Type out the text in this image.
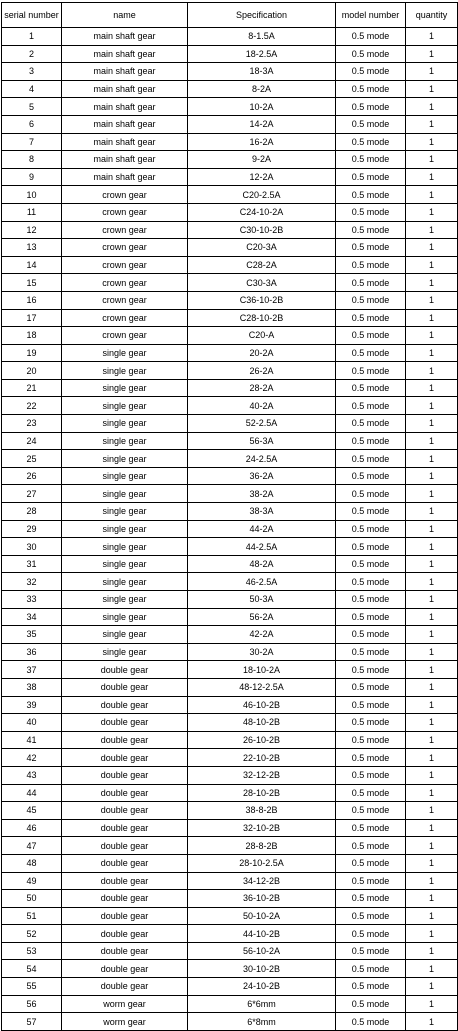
serial number	name	Specification	model number	quantity
1	main shaft gear	8-1.5A	0.5 mode	1
2	main shaft gear	18-2.5A	0.5 mode	1
3	main shaft gear	18-3A	0.5 mode	1
4	main shaft gear	8-2A	0.5 mode	1
5	main shaft gear	10-2A	0.5 mode	1
6	main shaft gear	14-2A	0.5 mode	1
7	main shaft gear	16-2A	0.5 mode	1
8	main shaft gear	9-2A	0.5 mode	1
9	main shaft gear	12-2A	0.5 mode	1
10	crown gear	C20-2.5A	0.5 mode	1
11	crown gear	C24-10-2A	0.5 mode	1
12	crown gear	C30-10-2B	0.5 mode	1
13	crown gear	C20-3A	0.5 mode	1
14	crown gear	C28-2A	0.5 mode	1
15	crown gear	C30-3A	0.5 mode	1
16	crown gear	C36-10-2B	0.5 mode	1
17	crown gear	C28-10-2B	0.5 mode	1
18	crown gear	C20-A	0.5 mode	1
19	single gear	20-2A	0.5 mode	1
20	single gear	26-2A	0.5 mode	1
21	single gear	28-2A	0.5 mode	1
22	single gear	40-2A	0.5 mode	1
23	single gear	52-2.5A	0.5 mode	1
24	single gear	56-3A	0.5 mode	1
25	single gear	24-2.5A	0.5 mode	1
26	single gear	36-2A	0.5 mode	1
27	single gear	38-2A	0.5 mode	1
28	single gear	38-3A	0.5 mode	1
29	single gear	44-2A	0.5 mode	1
30	single gear	44-2.5A	0.5 mode	1
31	single gear	48-2A	0.5 mode	1
32	single gear	46-2.5A	0.5 mode	1
33	single gear	50-3A	0.5 mode	1
34	single gear	56-2A	0.5 mode	1
35	single gear	42-2A	0.5 mode	1
36	single gear	30-2A	0.5 mode	1
37	double gear	18-10-2A	0.5 mode	1
38	double gear	48-12-2.5A	0.5 mode	1
39	double gear	46-10-2B	0.5 mode	1
40	double gear	48-10-2B	0.5 mode	1
41	double gear	26-10-2B	0.5 mode	1
42	double gear	22-10-2B	0.5 mode	1
43	double gear	32-12-2B	0.5 mode	1
44	double gear	28-10-2B	0.5 mode	1
45	double gear	38-8-2B	0.5 mode	1
46	double gear	32-10-2B	0.5 mode	1
47	double gear	28-8-2B	0.5 mode	1
48	double gear	28-10-2.5A	0.5 mode	1
49	double gear	34-12-2B	0.5 mode	1
50	double gear	36-10-2B	0.5 mode	1
51	double gear	50-10-2A	0.5 mode	1
52	double gear	44-10-2B	0.5 mode	1
53	double gear	56-10-2A	0.5 mode	1
54	double gear	30-10-2B	0.5 mode	1
55	double gear	24-10-2B	0.5 mode	1
56	worm gear	6*6mm	0.5 mode	1
57	worm gear	6*8mm	0.5 mode	1
